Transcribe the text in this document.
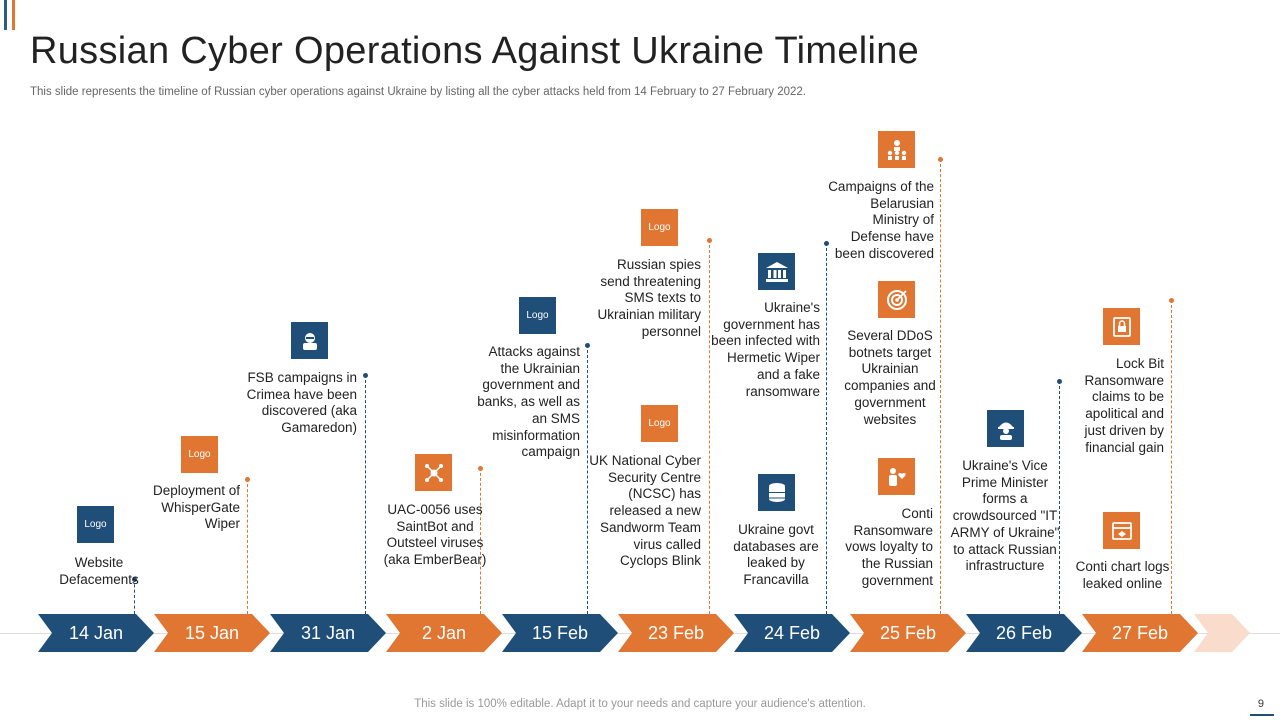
Russian Cyber Operations Against Ukraine Timeline
This slide represents the timeline of Russian cyber operations against Ukraine by listing all the cyber attacks held from 14 February to 27 February 2022.
14 Jan	15 Jan	31 Jan	2 Jan	15 Feb	23 Feb	24 Feb	25 Feb	26 Feb	27 Feb
Logo
Website Defacements
Logo
Deployment of WhisperGate Wiper
FSB campaigns in Crimea have been discovered (aka Gamaredon)
UAC-0056 uses SaintBot and Outsteel viruses (aka EmberBear)
Logo
Attacks against the Ukrainian government and banks, as well as an SMS misinformation campaign
Logo
Russian spies send threatening SMS texts to Ukrainian military personnel
Logo
UK National Cyber Security Centre (NCSC) has released a new Sandworm Team virus called Cyclops Blink
Ukraine's government has been infected with Hermetic Wiper and a fake ransomware
Ukraine govt databases are leaked by Francavilla
Campaigns of the Belarusian Ministry of Defense have been discovered
Several DDoS botnets target Ukrainian companies and government websites
Conti Ransomware vows loyalty to the Russian government
Ukraine's Vice Prime Minister forms a crowdsourced "IT ARMY of Ukraine" to attack Russian infrastructure
Lock Bit Ransomware claims to be apolitical and just driven by financial gain
Conti chart logs leaked online
This slide is 100% editable. Adapt it to your needs and capture your audience's attention.	9
